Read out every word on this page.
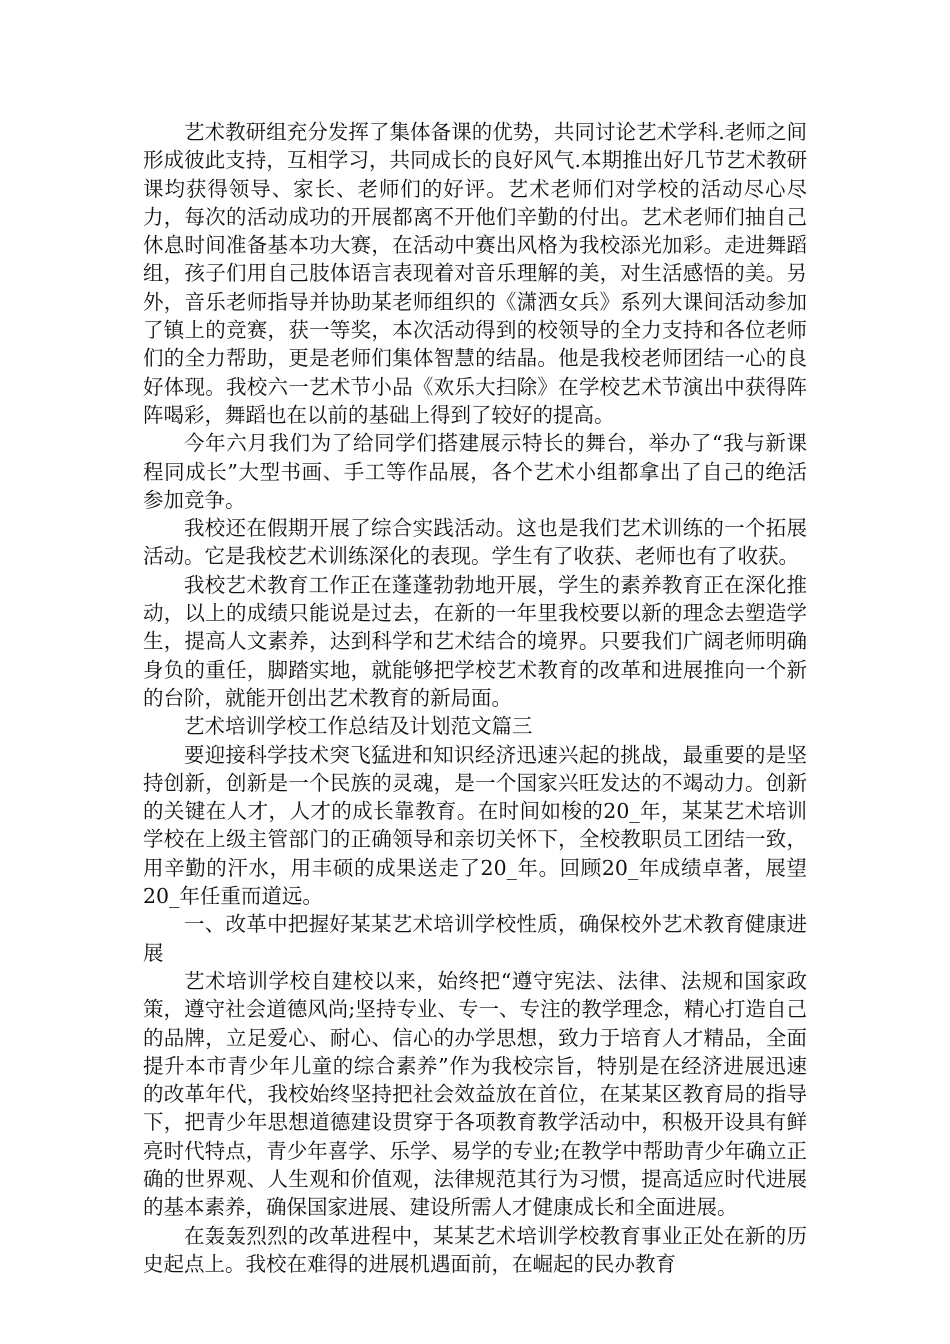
艺术教研组充分发挥了集体备课的优势，共同讨论艺术学科.老师之间形成彼此支持，互相学习，共同成长的良好风气.本期推出好几节艺术教研课均获得领导、家长、老师们的好评。艺术老师们对学校的活动尽心尽力，每次的活动成功的开展都离不开他们辛勤的付出。艺术老师们抽自己休息时间准备基本功大赛，在活动中赛出风格为我校添光加彩。走进舞蹈组，孩子们用自己肢体语言表现着对音乐理解的美，对生活感悟的美。另外，音乐老师指导并协助某老师组织的《潇洒女兵》系列大课间活动参加了镇上的竞赛，获一等奖，本次活动得到的校领导的全力支持和各位老师们的全力帮助，更是老师们集体智慧的结晶。他是我校老师团结一心的良好体现。我校六一艺术节小品《欢乐大扫除》在学校艺术节演出中获得阵阵喝彩，舞蹈也在以前的基础上得到了较好的提高。

今年六月我们为了给同学们搭建展示特长的舞台，举办了“我与新课程同成长”大型书画、手工等作品展，各个艺术小组都拿出了自己的绝活参加竞争。

我校还在假期开展了综合实践活动。这也是我们艺术训练的一个拓展活动。它是我校艺术训练深化的表现。学生有了收获、老师也有了收获。

我校艺术教育工作正在蓬蓬勃勃地开展，学生的素养教育正在深化推动，以上的成绩只能说是过去，在新的一年里我校要以新的理念去塑造学生，提高人文素养，达到科学和艺术结合的境界。只要我们广阔老师明确身负的重任，脚踏实地，就能够把学校艺术教育的改革和进展推向一个新的台阶，就能开创出艺术教育的新局面。

艺术培训学校工作总结及计划范文篇三

要迎接科学技术突飞猛进和知识经济迅速兴起的挑战，最重要的是坚持创新，创新是一个民族的灵魂，是一个国家兴旺发达的不竭动力。创新的关键在人才，人才的成长靠教育。在时间如梭的20_年，某某艺术培训学校在上级主管部门的正确领导和亲切关怀下，全校教职员工团结一致，用辛勤的汗水，用丰硕的成果送走了20_年。回顾20_年成绩卓著，展望20_年任重而道远。

一、改革中把握好某某艺术培训学校性质，确保校外艺术教育健康进展

艺术培训学校自建校以来，始终把“遵守宪法、法律、法规和国家政策，遵守社会道德风尚;坚持专业、专一、专注的教学理念，精心打造自己的品牌，立足爱心、耐心、信心的办学思想，致力于培育人才精品，全面提升本市青少年儿童的综合素养”作为我校宗旨，特别是在经济进展迅速的改革年代，我校始终坚持把社会效益放在首位，在某某区教育局的指导下，把青少年思想道德建设贯穿于各项教育教学活动中，积极开设具有鲜亮时代特点，青少年喜学、乐学、易学的专业;在教学中帮助青少年确立正确的世界观、人生观和价值观，法律规范其行为习惯，提高适应时代进展的基本素养，确保国家进展、建设所需人才健康成长和全面进展。

在轰轰烈烈的改革进程中，某某艺术培训学校教育事业正处在新的历史起点上。我校在难得的进展机遇面前，在崛起的民办教育
